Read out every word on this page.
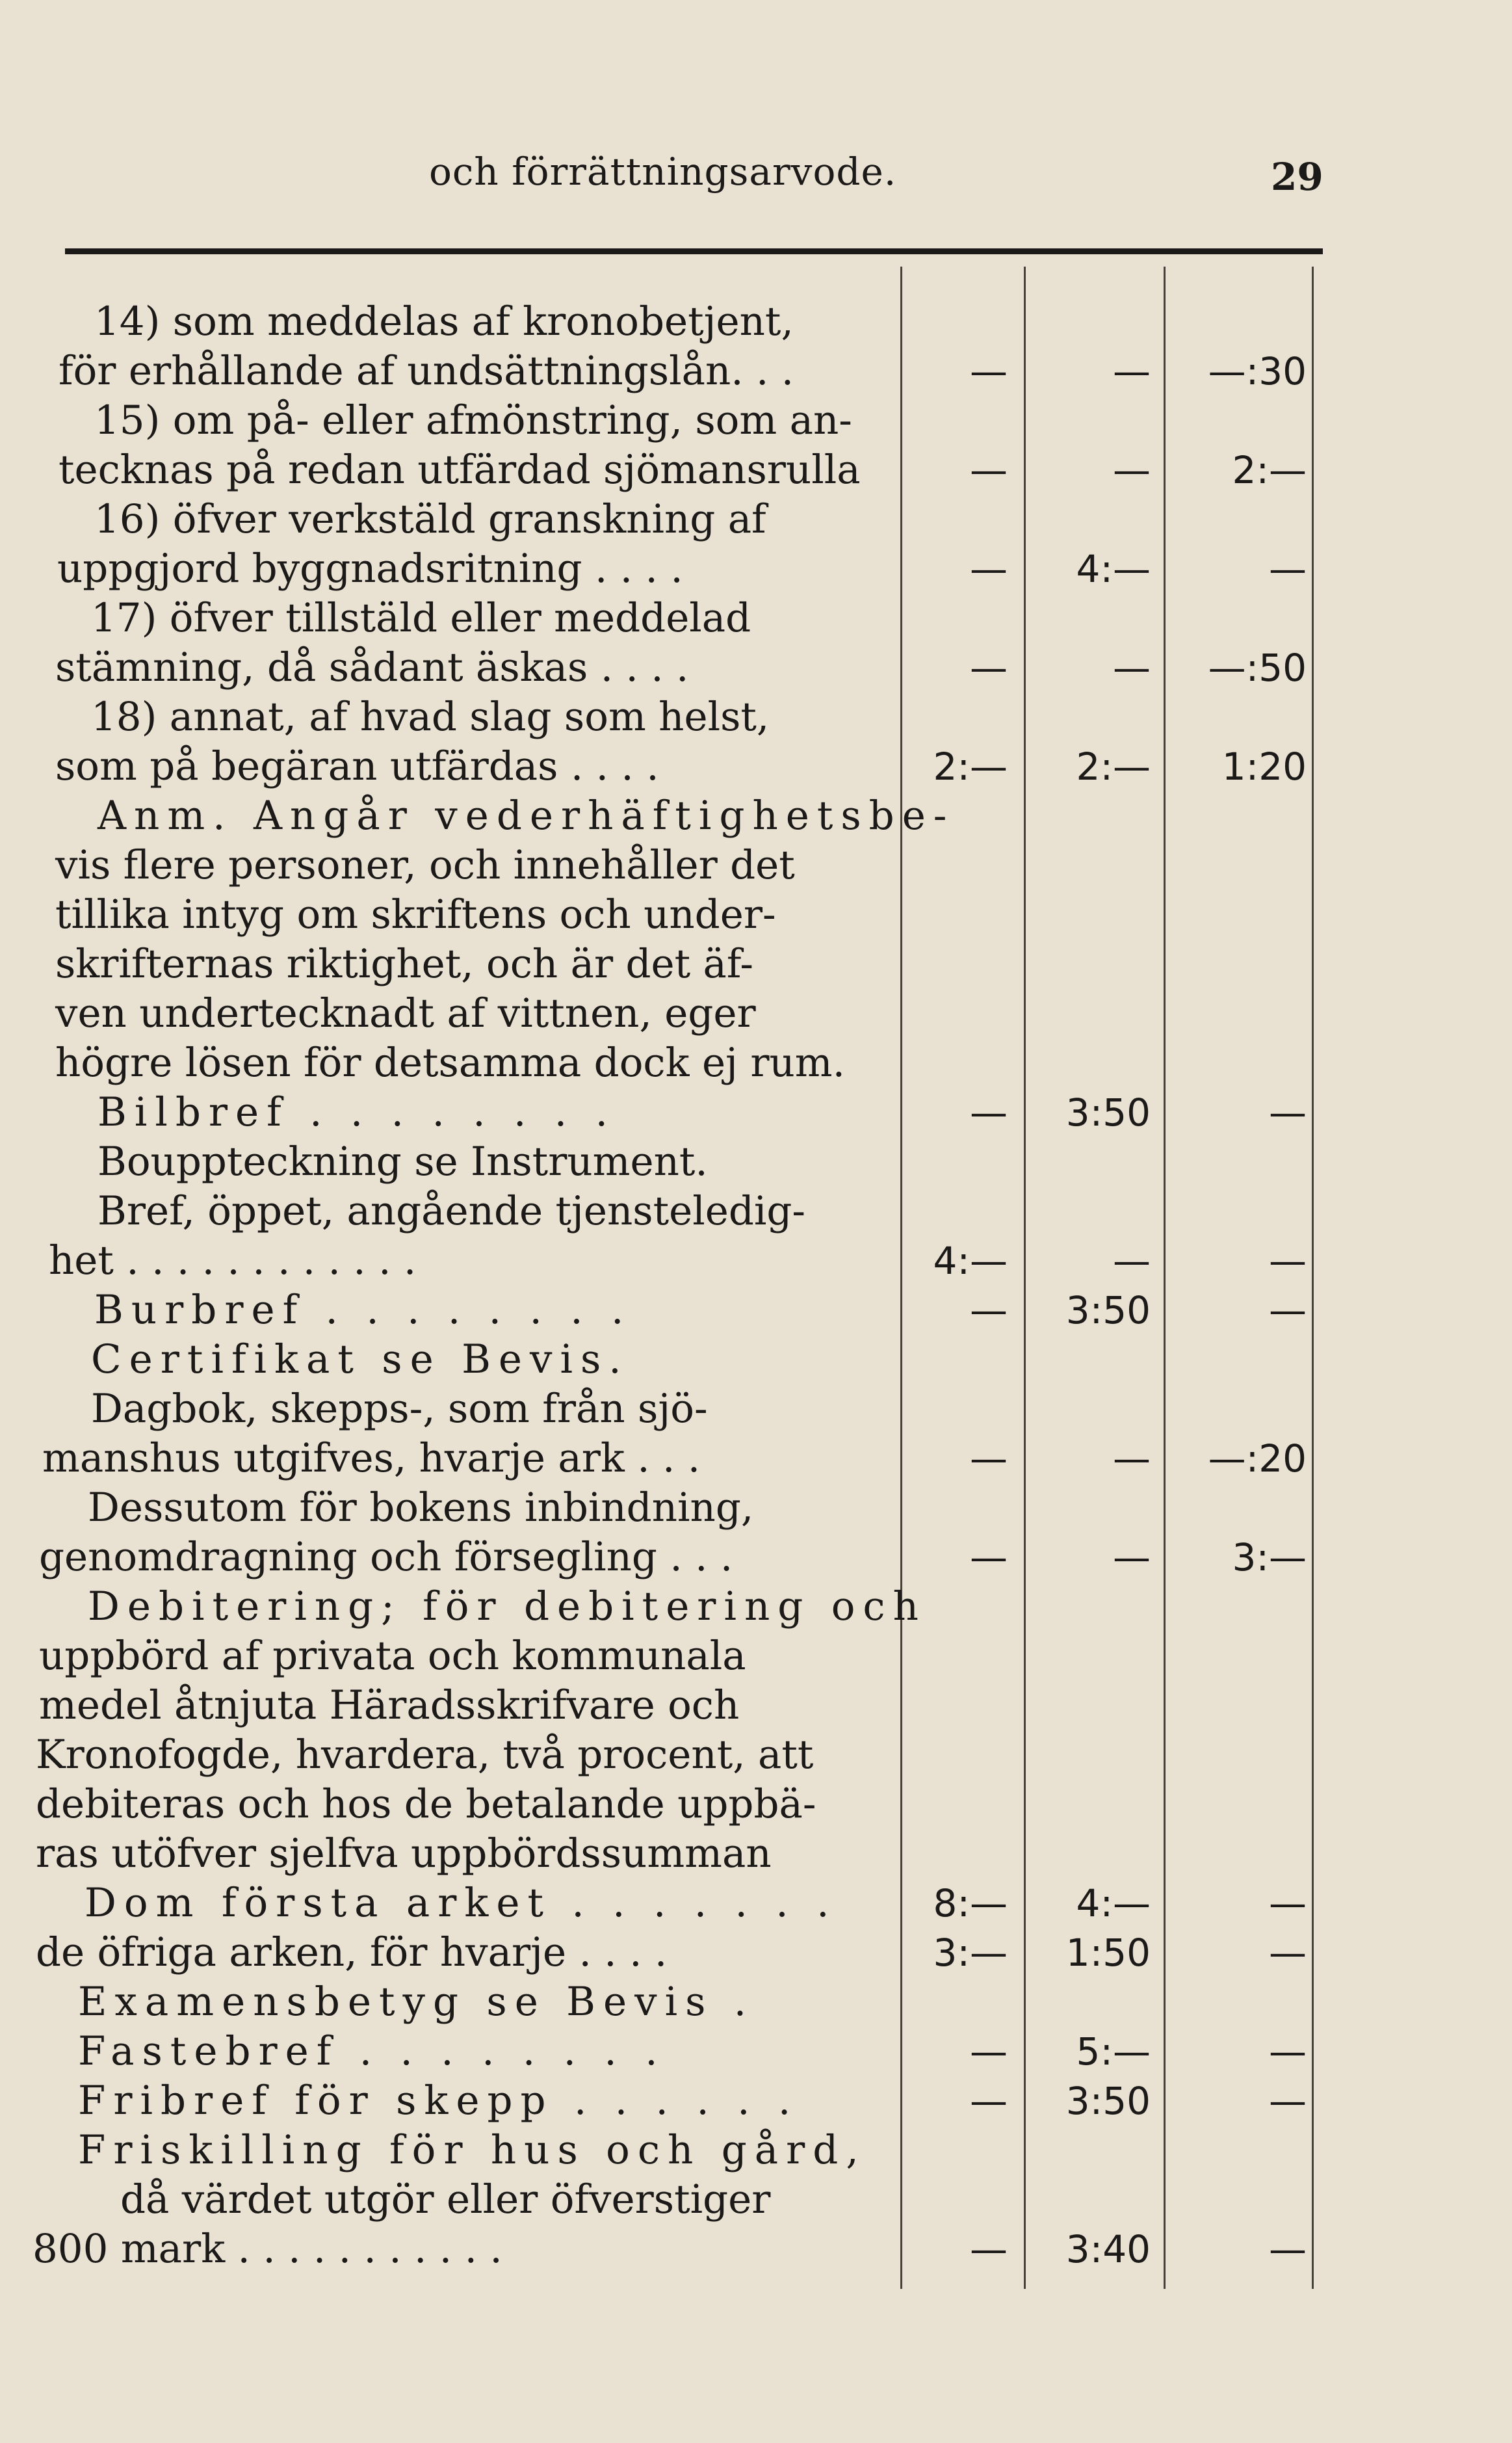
och förrättningsarvode.	29
14) som meddelas af kronobetjent,
för erhållande af undsättningslån. . .	—	—	—:30
15) om på- eller afmönstring, som an-
tecknas på redan utfärdad sjömansrulla	—	—	2:—
16) öfver verkstäld granskning af
uppgjord byggnadsritning . . . .	—	4:—	—
17) öfver tillstäld eller meddelad
stämning, då sådant äskas . . . .	—	—	—:50
18) annat, af hvad slag som helst,
som på begäran utfärdas . . . .	2:—	2:—	1:20
Anm. Angår vederhäftighetsbe-
vis flere personer, och innehåller det
tillika intyg om skriftens och under-
skrifternas riktighet, och är det äf-
ven undertecknadt af vittnen, eger
högre lösen för detsamma dock ej rum.
Bilbref . . . . . . . .	—	3:50	—
Bouppteckning se Instrument.
Bref, öppet, angående tjensteledig-
het . . . . . . . . . . . .	4:—	—	—
Burbref . . . . . . . .	—	3:50	—
Certifikat se Bevis.
Dagbok, skepps-, som från sjö-
manshus utgifves, hvarje ark . . .	—	—	—:20
Dessutom för bokens inbindning,
genomdragning och försegling . . .	—	—	3:—
Debitering; för debitering och
uppbörd af privata och kommunala
medel åtnjuta Häradsskrifvare och
Kronofogde, hvardera, två procent, att
debiteras och hos de betalande uppbä-
ras utöfver sjelfva uppbördssumman
Dom första arket . . . . . . .	8:—	4:—	—
de öfriga arken, för hvarje . . . .	3:—	1:50	—
Examensbetyg se Bevis .
Fastebref . . . . . . . .	—	5:—	—
Fribref för skepp . . . . . .	—	3:50	—
Friskilling för hus och gård,
då värdet utgör eller öfverstiger
800 mark . . . . . . . . . . .	—	3:40	—
